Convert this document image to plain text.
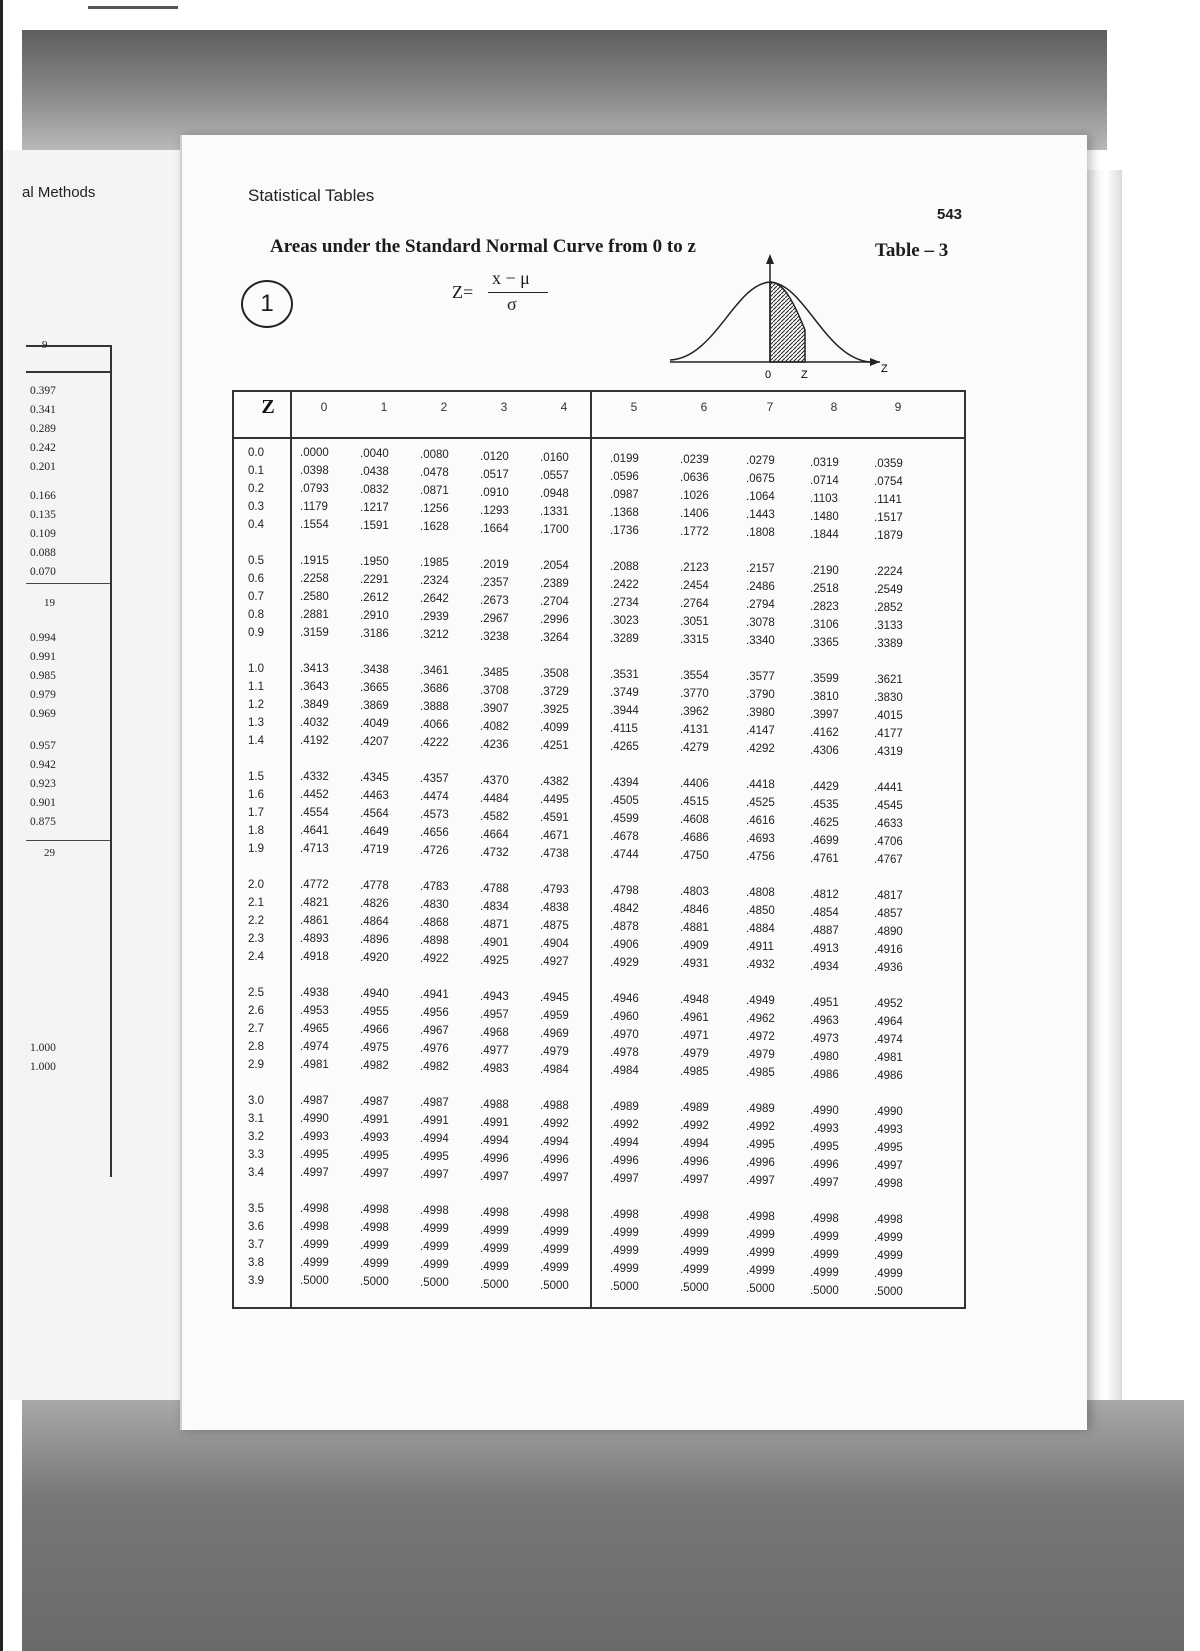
al Methods
9
0.397
0.341
0.289
0.242
0.201
0.166
0.135
0.109
0.088
0.070
0.994
0.991
0.985
0.979
0.969
0.957
0.942
0.923
0.901
0.875
1.000
1.000
19
29
Statistical Tables
543
Areas under the Standard Normal Curve from 0 to z	Table – 3
1	Z=
x − μ
σ
0	Z	Z
Z	0	1	2	3	4	5	6	7	8	9
0.0	.0000	.0040	.0080	.0120	.0160	.0199	.0239	.0279	.0319	.0359
0.1	.0398	.0438	.0478	.0517	.0557	.0596	.0636	.0675	.0714	.0754
0.2	.0793	.0832	.0871	.0910	.0948	.0987	.1026	.1064	.1103	.1141
0.3	.1179	.1217	.1256	.1293	.1331	.1368	.1406	.1443	.1480	.1517
0.4	.1554	.1591	.1628	.1664	.1700	.1736	.1772	.1808	.1844	.1879
0.5	.1915	.1950	.1985	.2019	.2054	.2088	.2123	.2157	.2190	.2224
0.6	.2258	.2291	.2324	.2357	.2389	.2422	.2454	.2486	.2518	.2549
0.7	.2580	.2612	.2642	.2673	.2704	.2734	.2764	.2794	.2823	.2852
0.8	.2881	.2910	.2939	.2967	.2996	.3023	.3051	.3078	.3106	.3133
0.9	.3159	.3186	.3212	.3238	.3264	.3289	.3315	.3340	.3365	.3389
1.0	.3413	.3438	.3461	.3485	.3508	.3531	.3554	.3577	.3599	.3621
1.1	.3643	.3665	.3686	.3708	.3729	.3749	.3770	.3790	.3810	.3830
1.2	.3849	.3869	.3888	.3907	.3925	.3944	.3962	.3980	.3997	.4015
1.3	.4032	.4049	.4066	.4082	.4099	.4115	.4131	.4147	.4162	.4177
1.4	.4192	.4207	.4222	.4236	.4251	.4265	.4279	.4292	.4306	.4319
1.5	.4332	.4345	.4357	.4370	.4382	.4394	.4406	.4418	.4429	.4441
1.6	.4452	.4463	.4474	.4484	.4495	.4505	.4515	.4525	.4535	.4545
1.7	.4554	.4564	.4573	.4582	.4591	.4599	.4608	.4616	.4625	.4633
1.8	.4641	.4649	.4656	.4664	.4671	.4678	.4686	.4693	.4699	.4706
1.9	.4713	.4719	.4726	.4732	.4738	.4744	.4750	.4756	.4761	.4767
2.0	.4772	.4778	.4783	.4788	.4793	.4798	.4803	.4808	.4812	.4817
2.1	.4821	.4826	.4830	.4834	.4838	.4842	.4846	.4850	.4854	.4857
2.2	.4861	.4864	.4868	.4871	.4875	.4878	.4881	.4884	.4887	.4890
2.3	.4893	.4896	.4898	.4901	.4904	.4906	.4909	.4911	.4913	.4916
2.4	.4918	.4920	.4922	.4925	.4927	.4929	.4931	.4932	.4934	.4936
2.5	.4938	.4940	.4941	.4943	.4945	.4946	.4948	.4949	.4951	.4952
2.6	.4953	.4955	.4956	.4957	.4959	.4960	.4961	.4962	.4963	.4964
2.7	.4965	.4966	.4967	.4968	.4969	.4970	.4971	.4972	.4973	.4974
2.8	.4974	.4975	.4976	.4977	.4979	.4978	.4979	.4979	.4980	.4981
2.9	.4981	.4982	.4982	.4983	.4984	.4984	.4985	.4985	.4986	.4986
3.0	.4987	.4987	.4987	.4988	.4988	.4989	.4989	.4989	.4990	.4990
3.1	.4990	.4991	.4991	.4991	.4992	.4992	.4992	.4992	.4993	.4993
3.2	.4993	.4993	.4994	.4994	.4994	.4994	.4994	.4995	.4995	.4995
3.3	.4995	.4995	.4995	.4996	.4996	.4996	.4996	.4996	.4996	.4997
3.4	.4997	.4997	.4997	.4997	.4997	.4997	.4997	.4997	.4997	.4998
3.5	.4998	.4998	.4998	.4998	.4998	.4998	.4998	.4998	.4998	.4998
3.6	.4998	.4998	.4999	.4999	.4999	.4999	.4999	.4999	.4999	.4999
3.7	.4999	.4999	.4999	.4999	.4999	.4999	.4999	.4999	.4999	.4999
3.8	.4999	.4999	.4999	.4999	.4999	.4999	.4999	.4999	.4999	.4999
3.9	.5000	.5000	.5000	.5000	.5000	.5000	.5000	.5000	.5000	.5000
